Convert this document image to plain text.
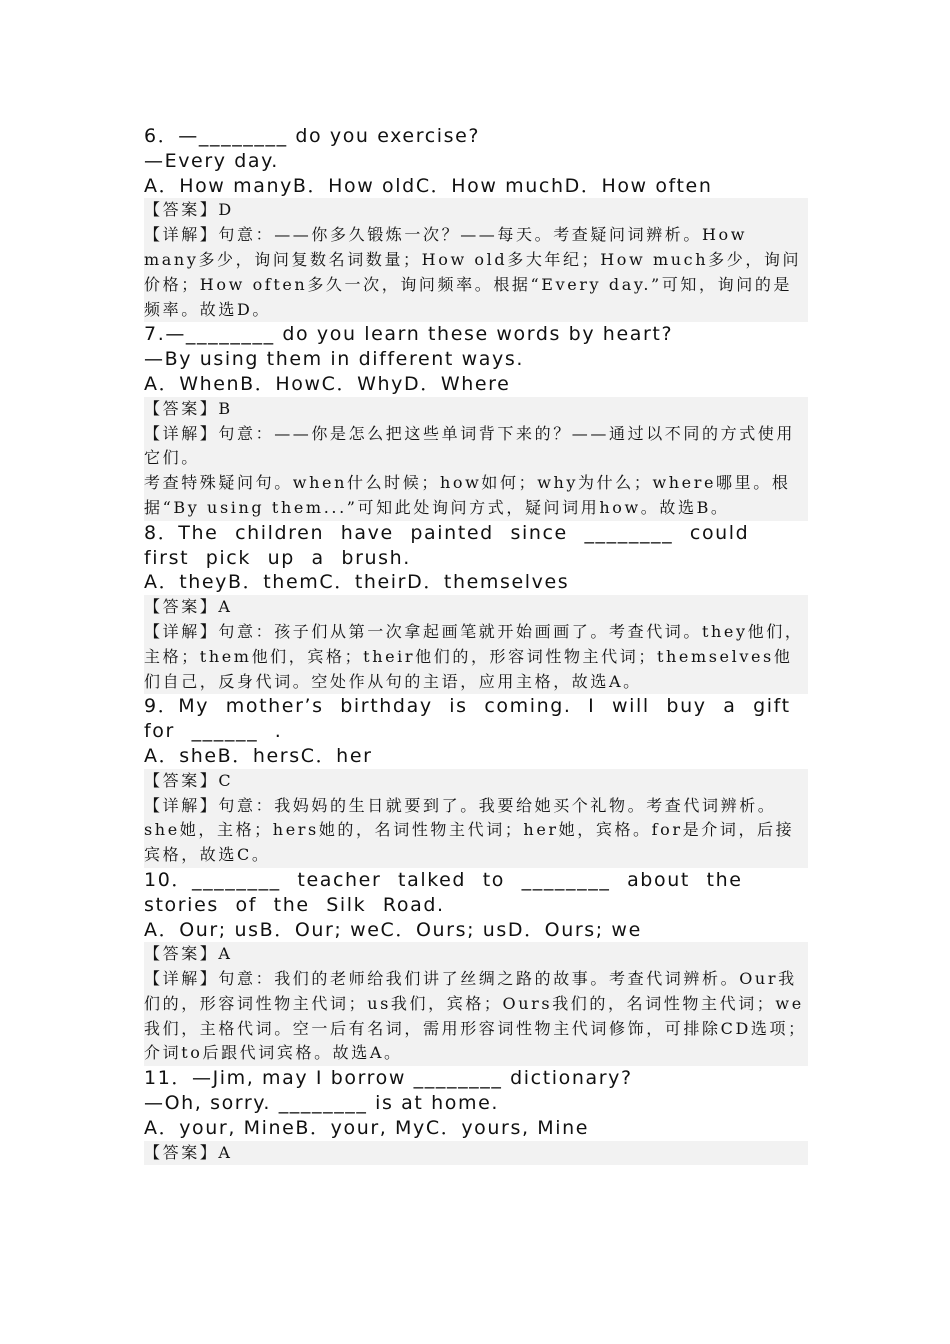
6．—________ do you exercise?
—Every day.
A．How manyB．How oldC．How muchD．How often
【答案】D
【详解】句意：——你多久锻炼一次？——每天。考查疑问词辨析。How many多少，询问复数名词数量；How old多大年纪；How much多少，询问价格；How often多久一次，询问频率。根据“Every day.”可知，询问的是频率。故选D。
7.—________ do you learn these words by heart?
—By using them in different ways.
A．WhenB．HowC．WhyD．Where
【答案】B
【详解】句意：——你是怎么把这些单词背下来的？——通过以不同的方式使用它们。
考查特殊疑问句。when什么时候；how如何；why为什么；where哪里。根据“By using them...”可知此处询问方式，疑问词用how。故选B。
8．The children have painted since ________ could first pick up a brush.
A．theyB．themC．theirD．themselves
【答案】A
【详解】句意：孩子们从第一次拿起画笔就开始画画了。考查代词。they他们，主格；them他们，宾格；their他们的，形容词性物主代词；themselves他们自己，反身代词。空处作从句的主语，应用主格，故选A。
9．My mother’s birthday is coming. I will buy a gift for ______ .
A．sheB．hersC．her
【答案】C
【详解】句意：我妈妈的生日就要到了。我要给她买个礼物。考查代词辨析。she她，主格；hers她的，名词性物主代词；her她，宾格。for是介词，后接宾格，故选C。
10．________ teacher talked to ________ about the stories of the Silk Road.
A．Our; usB．Our; weC．Ours; usD．Ours; we
【答案】A
【详解】句意：我们的老师给我们讲了丝绸之路的故事。考查代词辨析。Our我们的，形容词性物主代词；us我们，宾格；Ours我们的，名词性物主代词；we我们，主格代词。空一后有名词，需用形容词性物主代词修饰，可排除CD选项；介词to后跟代词宾格。故选A。
11．—Jim, may I borrow ________ dictionary?
—Oh, sorry. ________ is at home.
A．your, MineB．your, MyC．yours, Mine
【答案】A
